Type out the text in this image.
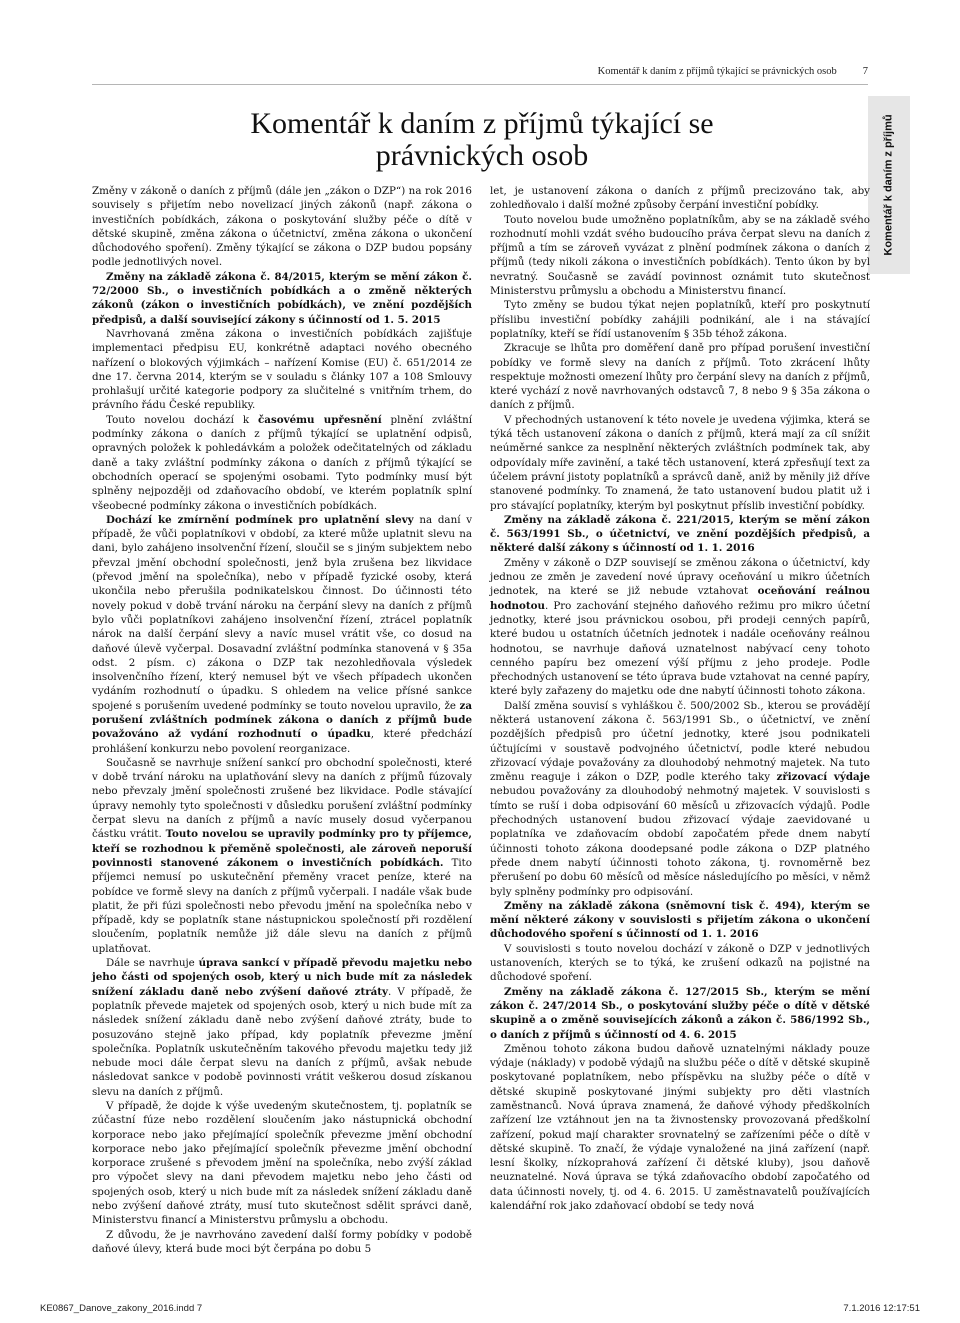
Komentář k daním z příjmů týkající se právnických osob 7
Komentář k daním z příjmů
Komentář k daním z příjmů týkající se
právnických osob

Změny v zákoně o daních z příjmů (dále jen „zákon o DZP“) na rok 2016 souvisely s přijetím nebo novelizací jiných zákonů (např. zákona o investičních pobídkách, zákona o poskytování služby péče o dítě v dětské skupině, změna zákona o účetnictví, změna zákona o ukončení důchodového spoření). Změny týkající se zákona o DZP budou popsány podle jednotlivých novel.

Změny na základě zákona č. 84/2015, kterým se mění zákon č. 72/2000 Sb., o investičních pobídkách a o změně některých zákonů (zákon o investičních pobídkách), ve znění pozdějších předpisů, a další související zákony s účinností od 1. 5. 2015

Navrhovaná změna zákona o investičních pobídkách zajišťuje implementaci předpisu EU, konkrétně adaptaci nového obecného nařízení o blokových výjimkách – nařízení Komise (EU) č. 651/2014 ze dne 17. června 2014, kterým se v souladu s články 107 a 108 Smlouvy prohlašují určité kategorie podpory za slučitelné s vnitřním trhem, do právního řádu České republiky.

Touto novelou dochází k časovému upřesnění plnění zvláštní podmínky zákona o daních z příjmů týkající se uplatnění odpisů, opravných položek k pohledávkám a položek odečitatelných od základu daně a taky zvláštní podmínky zákona o daních z příjmů týkající se obchodních operací se spojenými osobami. Tyto podmínky musí být splněny nejpozději od zdaňovacího období, ve kterém poplatník splní všeobecné podmínky zákona o investičních pobídkách.

Dochází ke zmírnění podmínek pro uplatnění slevy na daní v případě, že vůči poplatníkovi v období, za které může uplatnit slevu na dani, bylo zahájeno insolvenční řízení, sloučil se s jiným subjektem nebo převzal jmění obchodní společnosti, jenž byla zrušena bez likvidace (převod jmění na společníka), nebo v případě fyzické osoby, která ukončila nebo přerušila podnikatelskou činnost. Do účinnosti této novely pokud v době trvání nároku na čerpání slevy na daních z příjmů bylo vůči poplatníkovi zahájeno insolvenční řízení, ztrácel poplatník nárok na další čerpání slevy a navíc musel vrátit vše, co dosud na daňové úlevě vyčerpal. Dosavadní zvláštní podmínka stanovená v § 35a odst. 2 písm. c) zákona o DZP tak nezohledňovala výsledek insolvenčního řízení, který nemusel být ve všech případech ukončen vydáním rozhodnutí o úpadku. S ohledem na velice přísné sankce spojené s porušením uvedené podmínky se touto novelou upravilo, že za porušení zvláštních podmínek zákona o daních z příjmů bude považováno až vydání rozhodnutí o úpadku, které předchází prohlášení konkurzu nebo povolení reorganizace.

Současně se navrhuje snížení sankcí pro obchodní společnosti, které v době trvání nároku na uplatňování slevy na daních z příjmů fúzovaly nebo převzaly jmění společnosti zrušené bez likvidace. Podle stávající úpravy nemohly tyto společnosti v důsledku porušení zvláštní podmínky čerpat slevu na daních z příjmů a navíc musely dosud vyčerpanou částku vrátit. Touto novelou se upravily podmínky pro ty příjemce, kteří se rozhodnou k přeměně společnosti, ale zároveň neporuší povinnosti stanovené zákonem o investičních pobídkách. Tito příjemci nemusí po uskutečnění přeměny vracet peníze, které na pobídce ve formě slevy na daních z příjmů vyčerpali. I nadále však bude platit, že při fúzi společnosti nebo převodu jmění na společníka nebo v případě, kdy se poplatník stane nástupnickou společností při rozdělení sloučením, poplatník nemůže již dále slevu na daních z příjmů uplatňovat.

Dále se navrhuje úprava sankcí v případě převodu majetku nebo jeho části od spojených osob, který u nich bude mít za následek snížení základu daně nebo zvýšení daňové ztráty. V případě, že poplatník převede majetek od spojených osob, který u nich bude mít za následek snížení základu daně nebo zvýšení daňové ztráty, bude to posuzováno stejně jako případ, kdy poplatník převezme jmění společníka. Poplatník uskutečněním takového převodu majetku tedy již nebude moci dále čerpat slevu na daních z příjmů, avšak nebude následovat sankce v podobě povinnosti vrátit veškerou dosud získanou slevu na daních z příjmů.

V případě, že dojde k výše uvedeným skutečnostem, tj. poplatník se zúčastní fúze nebo rozdělení sloučením jako nástupnická obchodní korporace nebo jako přejímající společník převezme jmění obchodní korporace nebo jako přejímající společník převezme jmění obchodní korporace zrušené s převodem jmění na společníka, nebo zvýší základ pro výpočet slevy na dani převodem majetku nebo jeho části od spojených osob, který u nich bude mít za následek snížení základu daně nebo zvýšení daňové ztráty, musí tuto skutečnost sdělit správci daně, Ministerstvu financí a Ministerstvu průmyslu a obchodu.

Z důvodu, že je navrhováno zavedení další formy pobídky v podobě daňové úlevy, která bude moci být čerpána po dobu 5

let, je ustanovení zákona o daních z příjmů precizováno tak, aby zohledňovalo i další možné způsoby čerpání investiční pobídky.

Touto novelou bude umožněno poplatníkům, aby se na základě svého rozhodnutí mohli vzdát svého budoucího práva čerpat slevu na daních z příjmů a tím se zároveň vyvázat z plnění podmínek zákona o daních z příjmů (tedy nikoli zákona o investičních pobídkách). Tento úkon by byl nevratný. Současně se zavádí povinnost oznámit tuto skutečnost Ministerstvu průmyslu a obchodu a Ministerstvu financí.

Tyto změny se budou týkat nejen poplatníků, kteří pro poskytnutí příslibu investiční pobídky zahájili podnikání, ale i na stávající poplatníky, kteří se řídí ustanovením § 35b téhož zákona.

Zkracuje se lhůta pro doměření daně pro případ porušení investiční pobídky ve formě slevy na daních z příjmů. Toto zkrácení lhůty respektuje možnosti omezení lhůty pro čerpání slevy na daních z příjmů, které vychází z nově navrhovaných odstavců 7, 8 nebo 9 § 35a zákona o daních z příjmů.

V přechodných ustanovení k této novele je uvedena výjimka, která se týká těch ustanovení zákona o daních z příjmů, která mají za cíl snížit neúměrné sankce za nesplnění některých zvláštních podmínek tak, aby odpovídaly míře zavinění, a také těch ustanovení, která zpřesňují text za účelem právní jistoty poplatníků a správců daně, aniž by měnily již dříve stanovené podmínky. To znamená, že tato ustanovení budou platit už i pro stávající poplatníky, kterým byl poskytnut příslib investiční pobídky.

Změny na základě zákona č. 221/2015, kterým se mění zákon č. 563/1991 Sb., o účetnictví, ve znění pozdějších předpisů, a některé další zákony s účinností od 1. 1. 2016

Změny v zákoně o DZP souvisejí se změnou zákona o účetnictví, kdy jednou ze změn je zavedení nové úpravy oceňování u mikro účetních jednotek, na které se již nebude vztahovat oceňování reálnou hodnotou. Pro zachování stejného daňového režimu pro mikro účetní jednotky, které jsou právnickou osobou, při prodeji cenných papírů, které budou u ostatních účetních jednotek i nadále oceňovány reálnou hodnotou, se navrhuje daňová uznatelnost nabývací ceny tohoto cenného papíru bez omezení výší příjmu z jeho prodeje. Podle přechodných ustanovení se této úprava bude vztahovat na cenné papíry, které byly zařazeny do majetku ode dne nabytí účinnosti tohoto zákona.

Další změna souvisí s vyhláškou č. 500/2002 Sb., kterou se provádějí některá ustanovení zákona č. 563/1991 Sb., o účetnictví, ve znění pozdějších předpisů pro účetní jednotky, které jsou podnikateli účtujícími v soustavě podvojného účetnictví, podle které nebudou zřizovací výdaje považovány za dlouhodobý nehmotný majetek. Na tuto změnu reaguje i zákon o DZP, podle kterého taky zřizovací výdaje nebudou považovány za dlouhodobý nehmotný majetek. V souvislosti s tímto se ruší i doba odpisování 60 měsíců u zřizovacích výdajů. Podle přechodných ustanovení budou zřizovací výdaje zaevidované u poplatníka ve zdaňovacím období započatém přede dnem nabytí účinnosti tohoto zákona doodepsané podle zákona o DZP platného přede dnem nabytí účinnosti tohoto zákona, tj. rovnoměrně bez přerušení po dobu 60 měsíců od měsíce následujícího po měsíci, v němž byly splněny podmínky pro odpisování.

Změny na základě zákona (sněmovní tisk č. 494), kterým se mění některé zákony v souvislosti s přijetím zákona o ukončení důchodového spoření s účinností od 1. 1. 2016

V souvislosti s touto novelou dochází v zákoně o DZP v jednotlivých ustanoveních, kterých se to týká, ke zrušení odkazů na pojistné na důchodové spoření.

Změny na základě zákona č. 127/2015 Sb., kterým se mění zákon č. 247/2014 Sb., o poskytování služby péče o dítě v dětské skupině a o změně souvisejících zákonů a zákon č. 586/1992 Sb., o daních z příjmů s účinností od 4. 6. 2015

Změnou tohoto zákona budou daňově uznatelnými náklady pouze výdaje (náklady) v podobě výdajů na službu péče o dítě v dětské skupině poskytované poplatníkem, nebo příspěvku na služby péče o dítě v dětské skupině poskytované jinými subjekty pro děti vlastních zaměstnanců. Nová úprava znamená, že daňové výhody předškolních zařízení lze vztáhnout jen na ta živnostensky provozovaná předškolní zařízení, pokud mají charakter srovnatelný se zařízeními péče o dítě v dětské skupině. To značí, že výdaje vynaložené na jiná zařízení (např. lesní školky, nízkoprahová zařízení či dětské kluby), jsou daňově neuznatelné. Nová úprava se týká zdaňovacího období započatého od data účinnosti novely, tj. od 4. 6. 2015. U zaměstnavatelů používajících kalendářní rok jako zdaňovací období se tedy nová

KE0867_Danove_zakony_2016.indd 7	7.1.2016 12:17:51
